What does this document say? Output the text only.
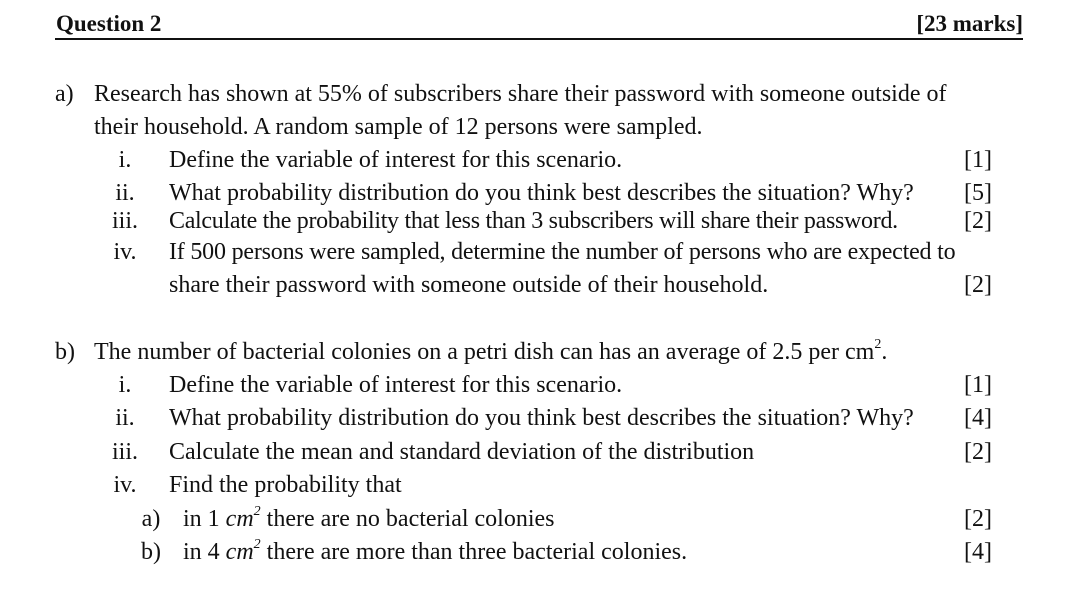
Question 2	[23 marks]
a) Research has shown at 55% of subscribers share their password with someone outside of
their household. A random sample of 12 persons were sampled.
i.	Define the variable of interest for this scenario.	[1]
ii.	What probability distribution do you think best describes the situation? Why? [5]
iii.	Calculate the probability that less than 3 subscribers will share their password.	[2]
iv.	If 500 persons were sampled, determine the number of persons who are expected to
share their password with someone outside of their household.	[2]
b) The number of bacterial colonies on a petri dish can has an average of 2.5 per $cm^2$.
i.	Define the variable of interest for this scenario.	[1]
ii.	What probability distribution do you think best describes the situation? Why? [4]
iii.	Calculate the mean and standard deviation of the distribution	[2]
iv.	Find the probability that
a) in 1 $cm^2$ there are no bacterial colonies	[2]
b) in 4 $cm^2$ there are more than three bacterial colonies.	[4]
